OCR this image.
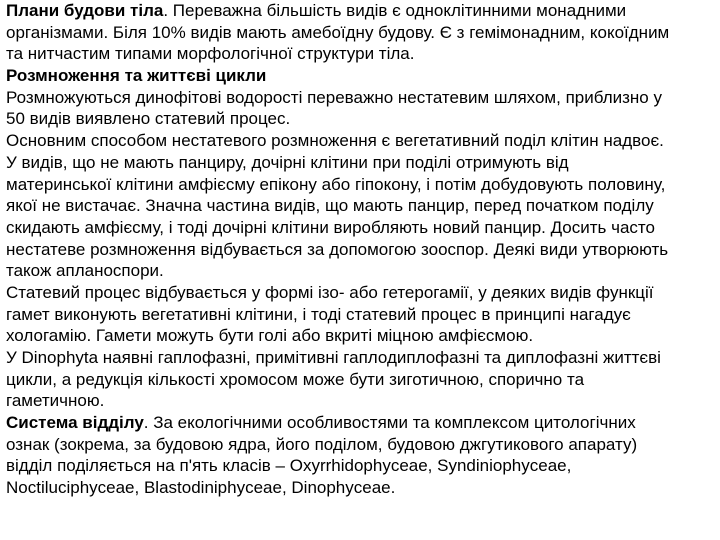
Плани будови тіла. Переважна більшість видів є одноклітинними монадними
організмами. Біля 10% видів мають амебоїдну будову. Є з гемімонадним, кокоїдним
та нитчастим типами морфологічної структури тіла.
Розмноження та життєві цикли
Розмножуються динофітові водорості переважно нестатевим шляхом, приблизно у
50 видів виявлено статевий процес.
Основним способом нестатевого розмноження є вегетативний поділ клітин надвоє.
У видів, що не мають панциру, дочірні клітини при поділі отримують від
материнської клітини амфієсму епікону або гіпокону, і потім добудовують половину,
якої не вистачає. Значна частина видів, що мають панцир, перед початком поділу
скидають амфієсму, і тоді дочірні клітини виробляють новий панцир. Досить часто
нестатеве розмноження відбувається за допомогою зооспор. Деякі види утворюють
також апланоспори.
Статевий процес відбувається у формі ізо- або гетерогамії, у деяких видів функції
гамет виконують вегетативні клітини, і тоді статевий процес в принципі нагадує
хологамію. Гамети можуть бути голі або вкриті міцною амфієсмою.
У Dinophyta наявні гаплофазні, примітивні гаплодиплофазні та диплофазні життєві
цикли, а редукція кількості хромосом може бути зиготичною, спорично та
гаметичною.
Система відділу. За екологічними особливостями та комплексом цитологічних
ознак (зокрема, за будовою ядра, його поділом, будовою джгутикового апарату)
відділ поділяється на п'ять класів – Oxyrrhidophyceae, Syndiniophyceae,
Noctiluciphyceae, Blastodiniphyceae, Dinophyceae.
